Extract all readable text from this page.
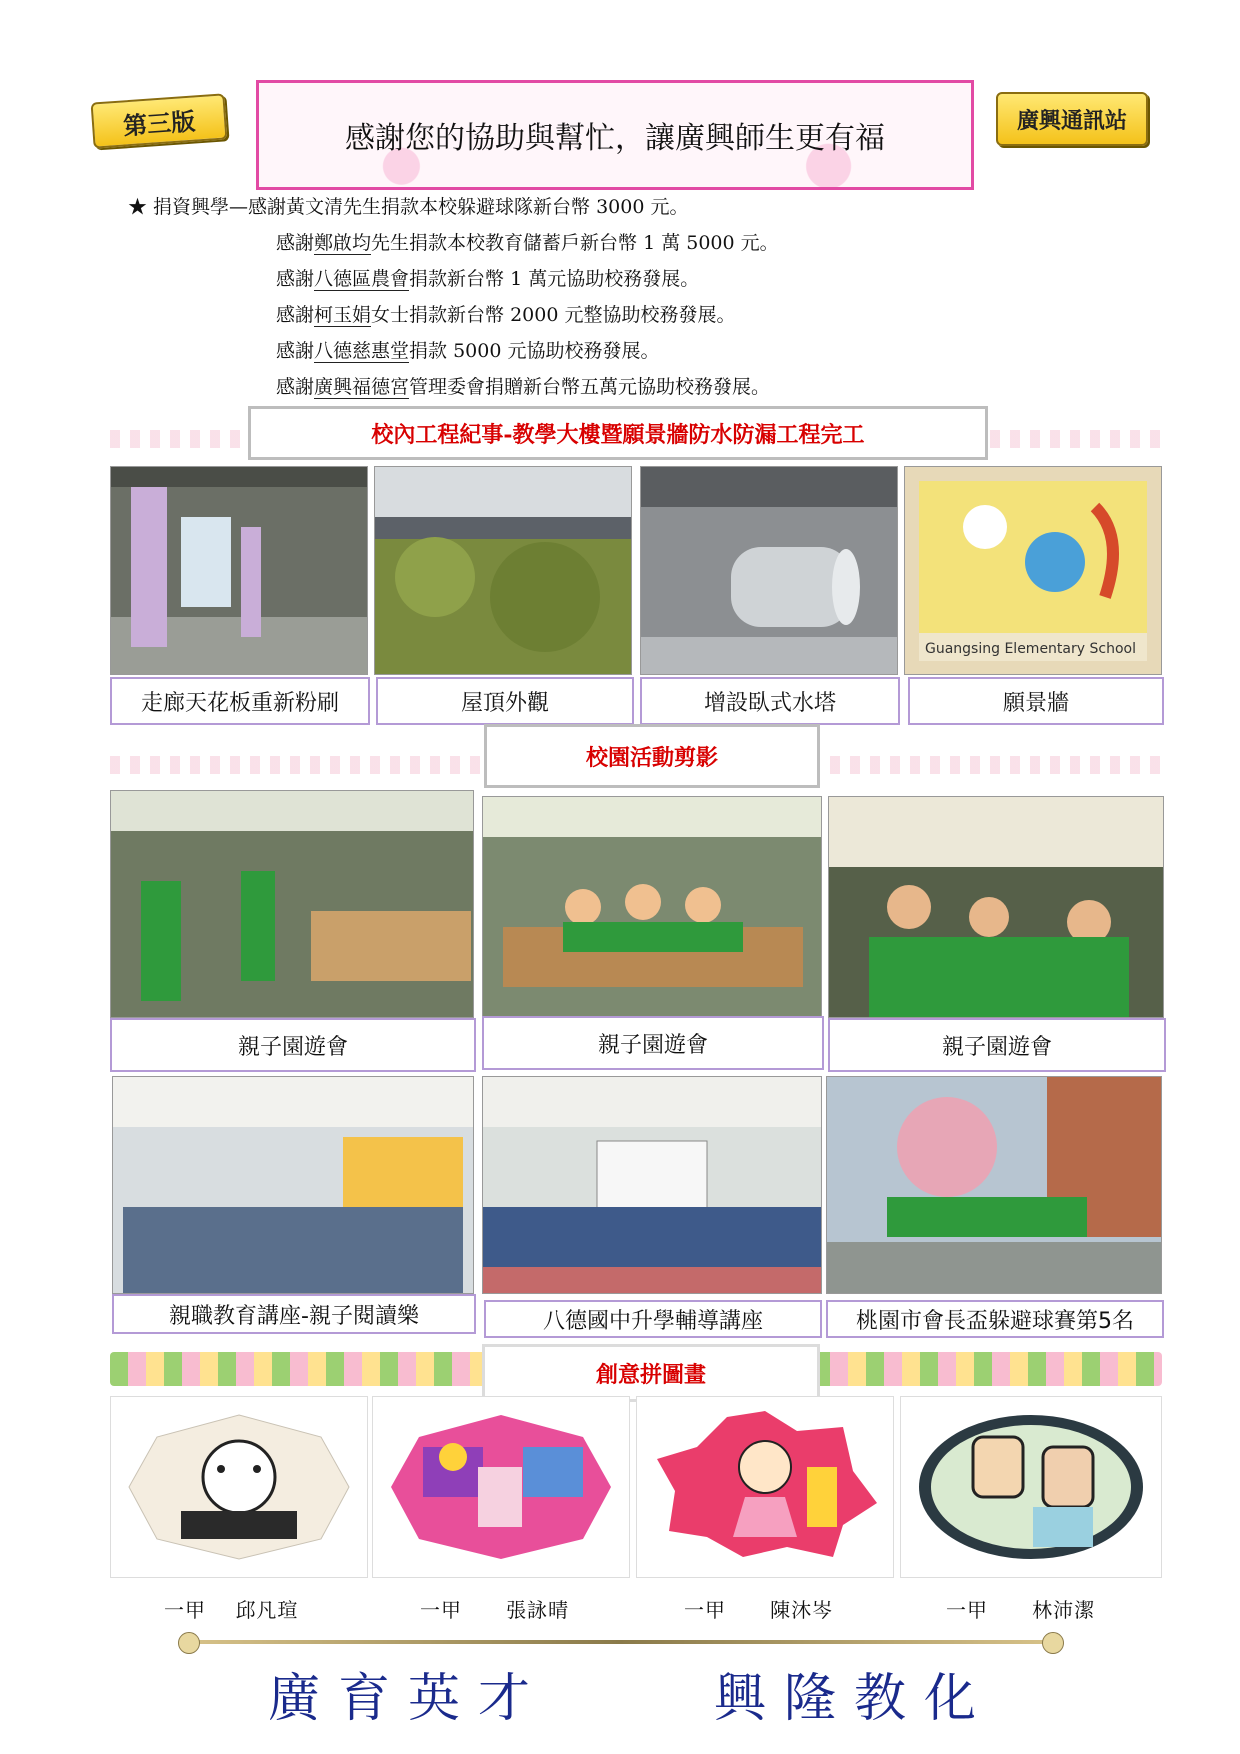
第三版	感謝您的協助與幫忙，讓廣興師生更有福
廣興通訊站
★ 捐資興學—感謝黃文清先生捐款本校躲避球隊新台幣 3000 元。
感謝鄭啟均先生捐款本校教育儲蓄戶新台幣 1 萬 5000 元。
感謝八德區農會捐款新台幣 1 萬元協助校務發展。
感謝柯玉娟女士捐款新台幣 2000 元整協助校務發展。
感謝八德慈惠堂捐款 5000 元協助校務發展。
感謝廣興福德宮管理委會捐贈新台幣五萬元協助校務發展。
校內工程紀事-教學大樓暨願景牆防水防漏工程完工
Guangsing Elementary School
走廊天花板重新粉刷	屋頂外觀	增設臥式水塔	願景牆
校園活動剪影
親子園遊會	親子園遊會	親子園遊會
親職教育講座-親子閱讀樂	八德國中升學輔導講座	桃園市會長盃躲避球賽第5名
創意拼圖畫
一甲 邱凡瑄	一甲 張詠晴	一甲 陳沐岑	一甲 林沛潔
廣育英才	興隆教化
